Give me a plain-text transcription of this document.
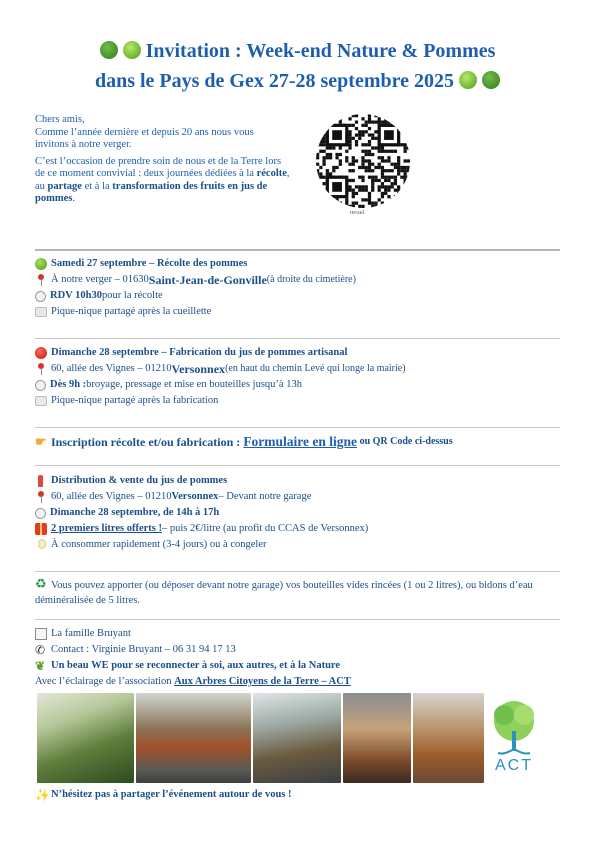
Invitation : Week-end Nature & Pommes
dans le Pays de Gex 27-28 septembre 2025

Chers amis,
Comme l’année dernière et depuis 20 ans nous vous invitons à notre verger.

C’est l’occasion de prendre soin de nous et de la Terre lors de ce moment convivial : deux journées dédiées à la récolte, au partage et à la transformation des fruits en jus de pommes.

Jas/en
Samedi 27 septembre – Récolte des pommes
À notre verger – 01630 Saint-Jean-de-Gonville (à droite du cimetière)
RDV 10h30 pour la récolte
Pique-nique partagé après la cueillette
Dimanche 28 septembre – Fabrication du jus de pommes artisanal
60, allée des Vignes – 01210 Versonnex (en haut du chemin Levé qui longe la mairie)
Dès 9h : broyage, pressage et mise en bouteilles jusqu’à 13h
Pique-nique partagé après la fabrication
☛ Inscription récolte et/ou fabrication : Formulaire en ligne ou QR Code ci-dessus
Distribution & vente du jus de pommes
60, allée des Vignes – 01210 Versonnex – Devant notre garage
Dimanche 28 septembre, de 14h à 17h
2 premiers litres offerts ! – puis 2€/litre (au profit du CCAS de Versonnex)
À consommer rapidement (3-4 jours) ou à congeler
♻ Vous pouvez apporter (ou déposer devant notre garage) vos bouteilles vides rincées (1 ou 2 litres), ou bidons d’eau déminéralisée de 5 litres.
La famille Bruyant
✆ Contact : Virginie Bruyant – 06 31 94 17 13
❦ Un beau WE pour se reconnecter à soi, aux autres, et à la Nature
Avec l’éclairage de l’association Aux Arbres Citoyens de la Terre – ACT
ACT
✨ N’hésitez pas à partager l’événement autour de vous !
